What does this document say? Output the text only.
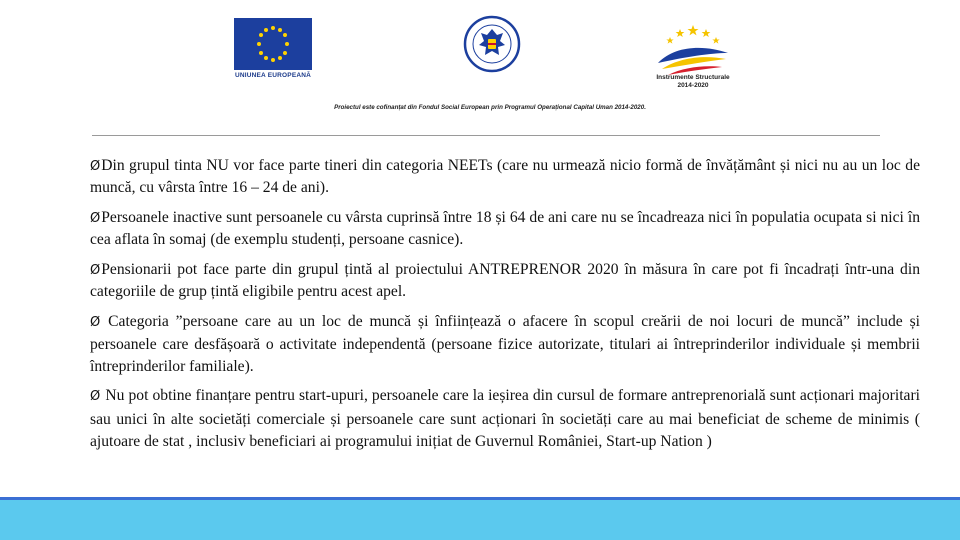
UNIUNEA EUROPEANĂ	Instrumente Structurale
2014-2020
Proiectul este cofinanțat din Fondul Social European prin Programul Operațional Capital Uman 2014-2020.

ØDin grupul tinta NU vor face parte tineri din categoria NEETs (care nu urmează nicio formă de învățământ și nici nu au un loc de muncă, cu vârsta între 16 – 24 de ani).

ØPersoanele inactive sunt persoanele cu vârsta cuprinsă între 18 și 64 de ani care nu se încadreaza nici în populatia ocupata si nici în cea aflata în somaj (de exemplu studenți, persoane casnice).

ØPensionarii pot face parte din grupul țintă al proiectului ANTREPRENOR 2020 în măsura în care pot fi încadrați într-una din categoriile de grup țintă eligibile pentru acest apel.

Ø Categoria ”persoane care au un loc de muncă și înființează o afacere în scopul creării de noi locuri de muncă” include și persoanele care desfășoară o activitate independentă (persoane fizice autorizate, titulari ai întreprinderilor individuale și membrii întreprinderilor familiale).

Ø Nu pot obtine finanțare pentru start-upuri, persoanele care la ieșirea din cursul de formare antreprenorială sunt acționari majoritari sau unici în alte societăți comerciale și persoanele care sunt acționari în societăți care au mai beneficiat de scheme de minimis ( ajutoare de stat , inclusiv beneficiari ai programului inițiat de Guvernul României, Start-up Nation )
